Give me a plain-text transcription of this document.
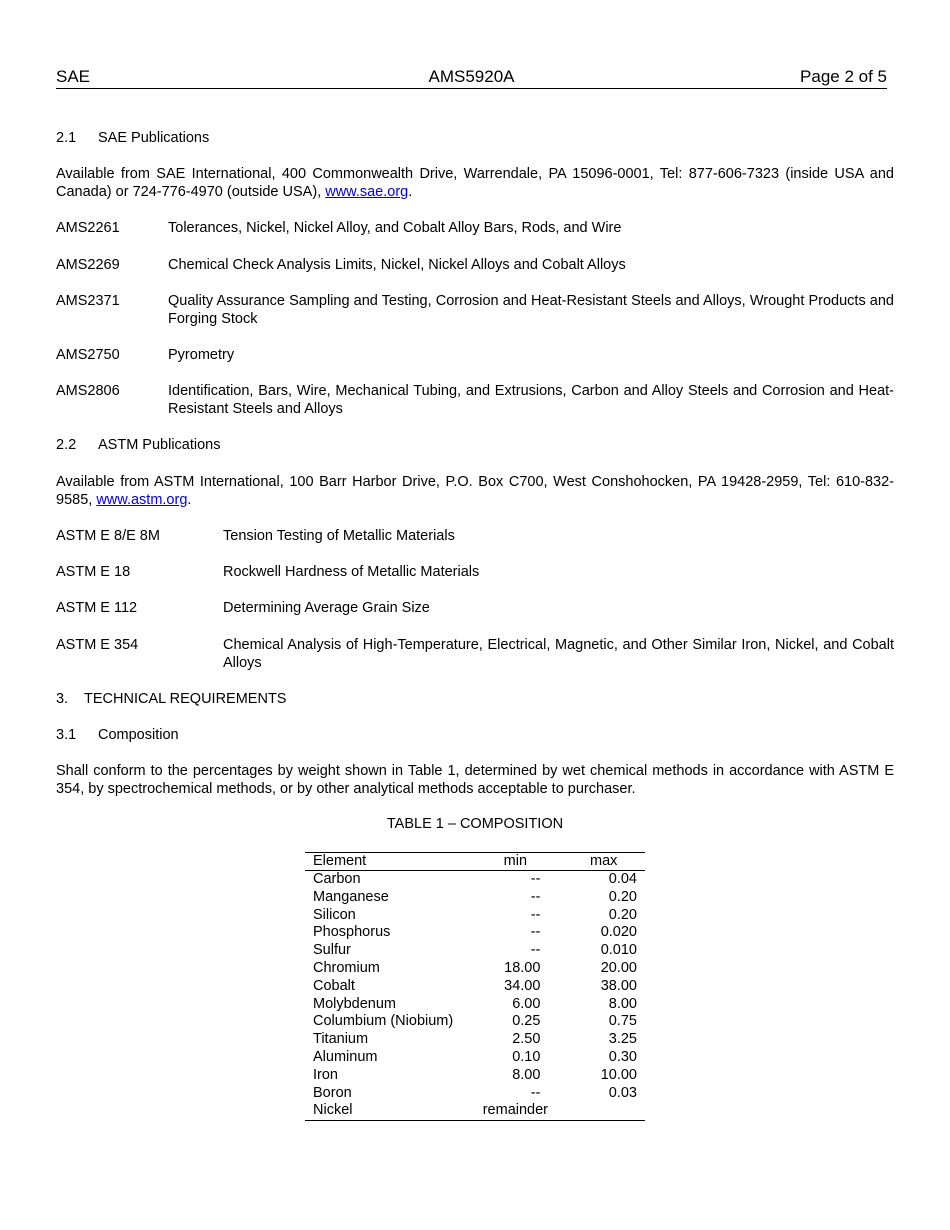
SAE	AMS5920A	Page 2 of 5
2.1 SAE Publications
Available from SAE International, 400 Commonwealth Drive, Warrendale, PA 15096-0001, Tel: 877-606-7323 (inside USA and Canada) or 724-776-4970 (outside USA), www.sae.org.
AMS2261	Tolerances, Nickel, Nickel Alloy, and Cobalt Alloy Bars, Rods, and Wire
AMS2269	Chemical Check Analysis Limits, Nickel, Nickel Alloys and Cobalt Alloys
AMS2371	Quality Assurance Sampling and Testing, Corrosion and Heat-Resistant Steels and Alloys, Wrought Products and Forging Stock
AMS2750	Pyrometry
AMS2806	Identification, Bars, Wire, Mechanical Tubing, and Extrusions, Carbon and Alloy Steels and Corrosion and Heat-Resistant Steels and Alloys
2.2 ASTM Publications
Available from ASTM International, 100 Barr Harbor Drive, P.O. Box C700, West Conshohocken, PA 19428-2959, Tel: 610-832-9585, www.astm.org.
ASTM E 8/E 8M	Tension Testing of Metallic Materials
ASTM E 18	Rockwell Hardness of Metallic Materials
ASTM E 112	Determining Average Grain Size
ASTM E 354	Chemical Analysis of High-Temperature, Electrical, Magnetic, and Other Similar Iron, Nickel, and Cobalt Alloys
3. TECHNICAL REQUIREMENTS
3.1 Composition
Shall conform to the percentages by weight shown in Table 1, determined by wet chemical methods in accordance with ASTM E 354, by spectrochemical methods, or by other analytical methods acceptable to purchaser.
TABLE 1 – COMPOSITION
Element	min	max
Carbon	--	0.04
Manganese	--	0.20
Silicon	--	0.20
Phosphorus	--	0.020
Sulfur	--	0.010
Chromium	18.00	20.00
Cobalt	34.00	38.00
Molybdenum	6.00	8.00
Columbium (Niobium)	0.25	0.75
Titanium	2.50	3.25
Aluminum	0.10	0.30
Iron	8.00	10.00
Boron	--	0.03
Nickel	remainder	
